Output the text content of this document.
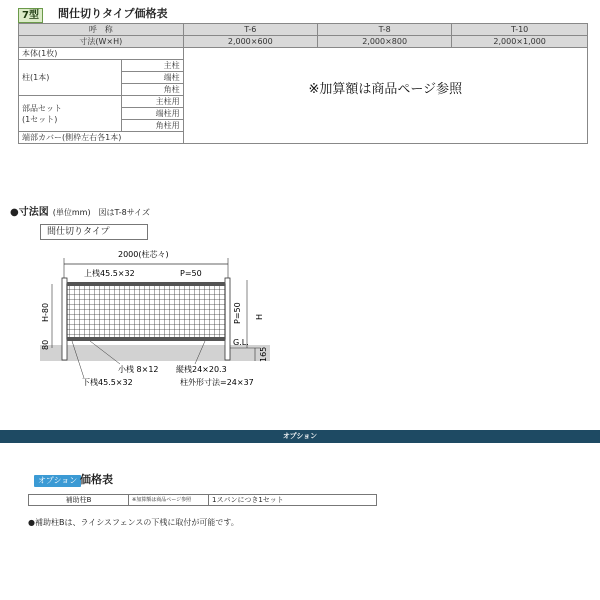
7型	間仕切りタイプ価格表
呼　称		T-6	T-8	T-10
寸法(W×H)		2,000×600	2,000×800	2,000×1,000
本体(1枚)		※加算額は商品ページ参照		
柱(1本)	主柱			
	端柱			
	角柱			
部品セット
(1セット)	主柱用			
	端柱用			
	角柱用			
端部カバー(側枠左右各1本)				
●寸法図 (単位mm)　図はT-8サイズ
間仕切りタイプ
2000(柱芯々)
上桟45.5×32	P=50
H-80
80
P=50 H
G.L.
165
小桟 8×12 縦桟24×20.3
下桟45.5×32	柱外形寸法=24×37
オプション
オプション 価格表
補助柱B	※加算額は商品ページ参照	1スパンにつき1セット
●補助柱Bは、ライシスフェンスの下桟に取付が可能です。
